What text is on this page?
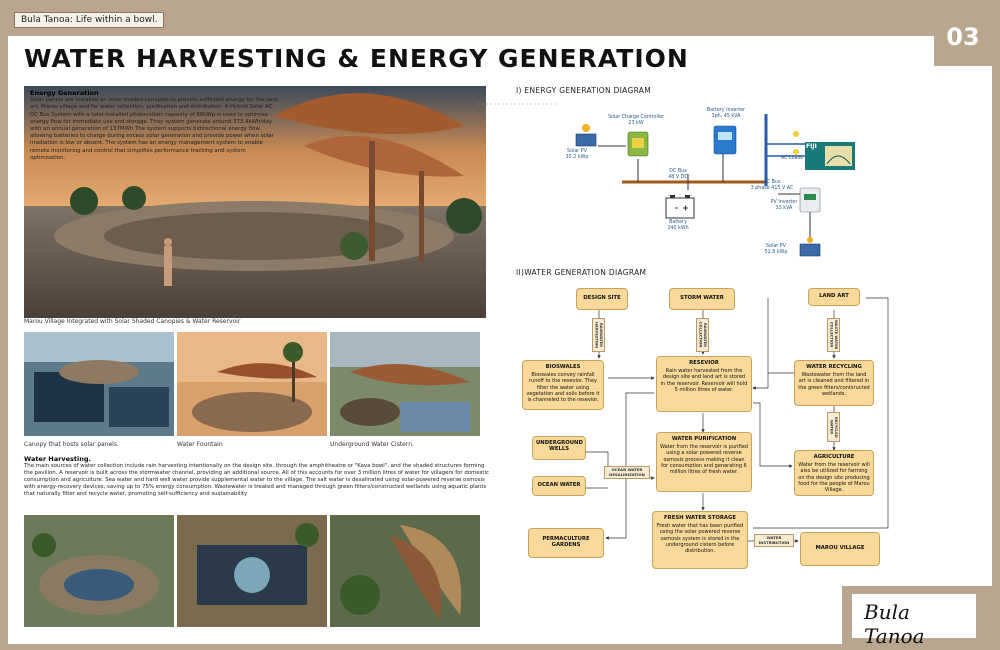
Bula Tanoa: Life within a bowl.
03
WATER HARVESTING & ENERGY GENERATION
Energy Generation
Solar panels are installed on solar shaded canopies to provide sufficient energy for the land art, Marou village and for water collection, purification and distribution. A Hybrid Solar AC-DC Bus System with a total installed photovoltaic capacity of 88kWp is used to optimise energy flow for immediate use and storage. They system generate around 373.4kWh/day with an annual generation of 137MWh The system supports bidirectional energy flow, allowing batteries to charge during excess solar generation and provide power when solar irradiation is low or absent. The system has an energy management system to enable remote monitoring and control that simplifies performance tracking and system optimisation.
Marou Village Integrated with Solar Shaded Canopies & Water Reservoir
Canopy that hosts solar panels.	Water Fountain	Underground Water Cistern.
Water Harvesting.
The main sources of water collection include rain harvesting intentionally on the design site, through the amphitheatre or "Kava bowl", and the shaded structures forming the pavilion. A reservoir is built across the stormwater channel, providing an additional source. All of this accounts for over 3 million litres of water for villagers for domestic consumption and agriculture. Sea water and hard well water provide supplemental water to the village. The salt water is desalinated using solar-powered reverse osmosis with energy-recovery devices, saving up to 75% energy consumption. Wastewater is treated and managed through green filters/constructed wetlands using aquatic plants that naturally filter and recycle water, promoting self-sufficiency and sustainability
I) ENERGY GENERATION DIAGRAM
Solar PV
35.2 kWp
Solar Charge Controller
23 kW
DC Bus
48 V DC
Battery
240 kWh
Battery Inverter
3ph, 45 kVA
AC Bus
3 phase 415 V AC
AC Loads
PV Inverter
33 kVA
Solar PV
52.8 kWp
FIJI
II)WATER GENERATION DIAGRAM
DESIGN SITE	STORM WATER	LAND ART
RAINWATER HARVESTING	RAINWATER COLLECTION	WASTE WATER COLLECTION
BIOSWALES
Bioswales convey rainfall runoff to the resevior. They filter the water using vegetation and soils before it is channeled to the resevior.
RESEVIOR
Rain water harvested from the design site and land art is stored in the reservoir. Reservoir will hold 5 million litres of water.
WATER RECYCLING
Wastewater from the land art is cleaned and filtered in the green filters/contsructed wetlands.
RECYCLED WATER
UNDERGROUND WELLS
OCEAN WATER
OCEAN WATER DESALINIZATION
WATER PURIFICATION
Water from the reservoir is purified using a solar powered reverse osmosis process making it clean for consumption and generating 6 million litres of fresh water.
AGRICULTURE
Water from the reservoir will also be utilized for farming on the design site producing food for the people of Marou Village.
PERMACULTURE GARDENS
FRESH WATER STORAGE
Fresh water that has been purified using the solar powered reverse osmosis system is stored in the underground cistern before distribution.
WATER DISTRIBUTION
MAROU VILLAGE
Bula Tanoa
